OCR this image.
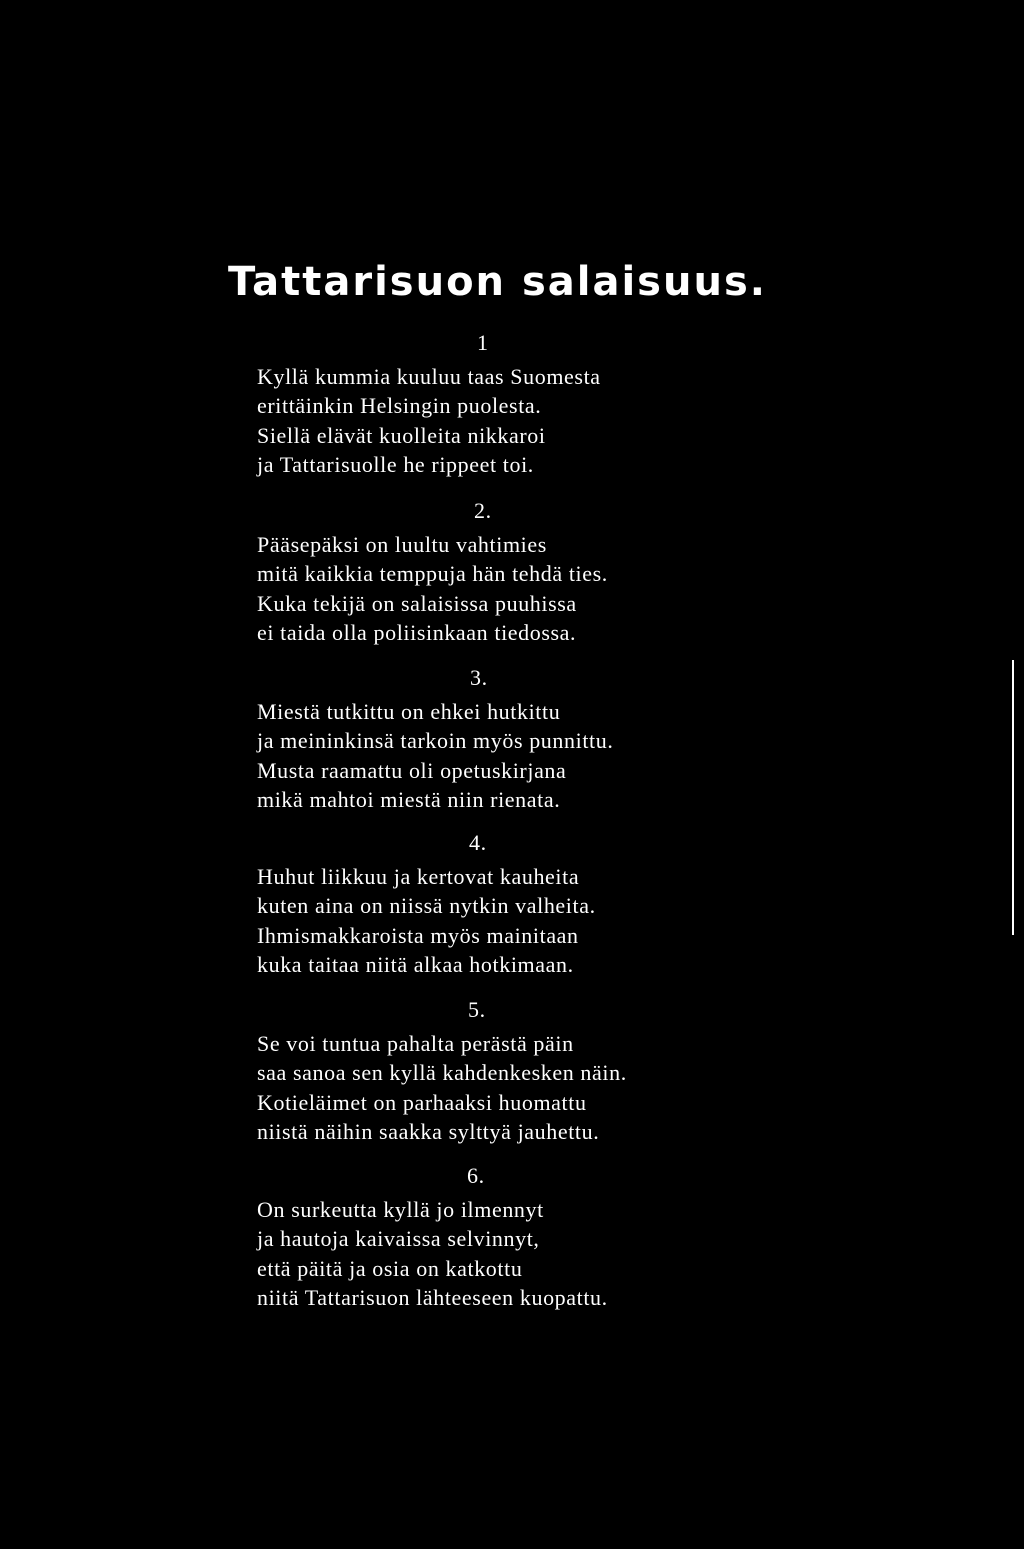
Tattarisuon salaisuus.
1
Kyllä kummia kuuluu taas Suomesta
erittäinkin Helsingin puolesta.
Siellä elävät kuolleita nikkaroi
ja Tattarisuolle he rippeet toi.
2.
Pääsepäksi on luultu vahtimies
mitä kaikkia temppuja hän tehdä ties.
Kuka tekijä on salaisissa puuhissa
ei taida olla poliisinkaan tiedossa.
3.
Miestä tutkittu on ehkei hutkittu
ja meininkinsä tarkoin myös punnittu.
Musta raamattu oli opetuskirjana
mikä mahtoi miestä niin rienata.
4.
Huhut liikkuu ja kertovat kauheita
kuten aina on niissä nytkin valheita.
Ihmismakkaroista myös mainitaan
kuka taitaa niitä alkaa hotkimaan.
5.
Se voi tuntua pahalta perästä päin
saa sanoa sen kyllä kahdenkesken näin.
Kotieläimet on parhaaksi huomattu
niistä näihin saakka sylttyä jauhettu.
6.
On surkeutta kyllä jo ilmennyt
ja hautoja kaivaissa selvinnyt,
että päitä ja osia on katkottu
niitä Tattarisuon lähteeseen kuopattu.
